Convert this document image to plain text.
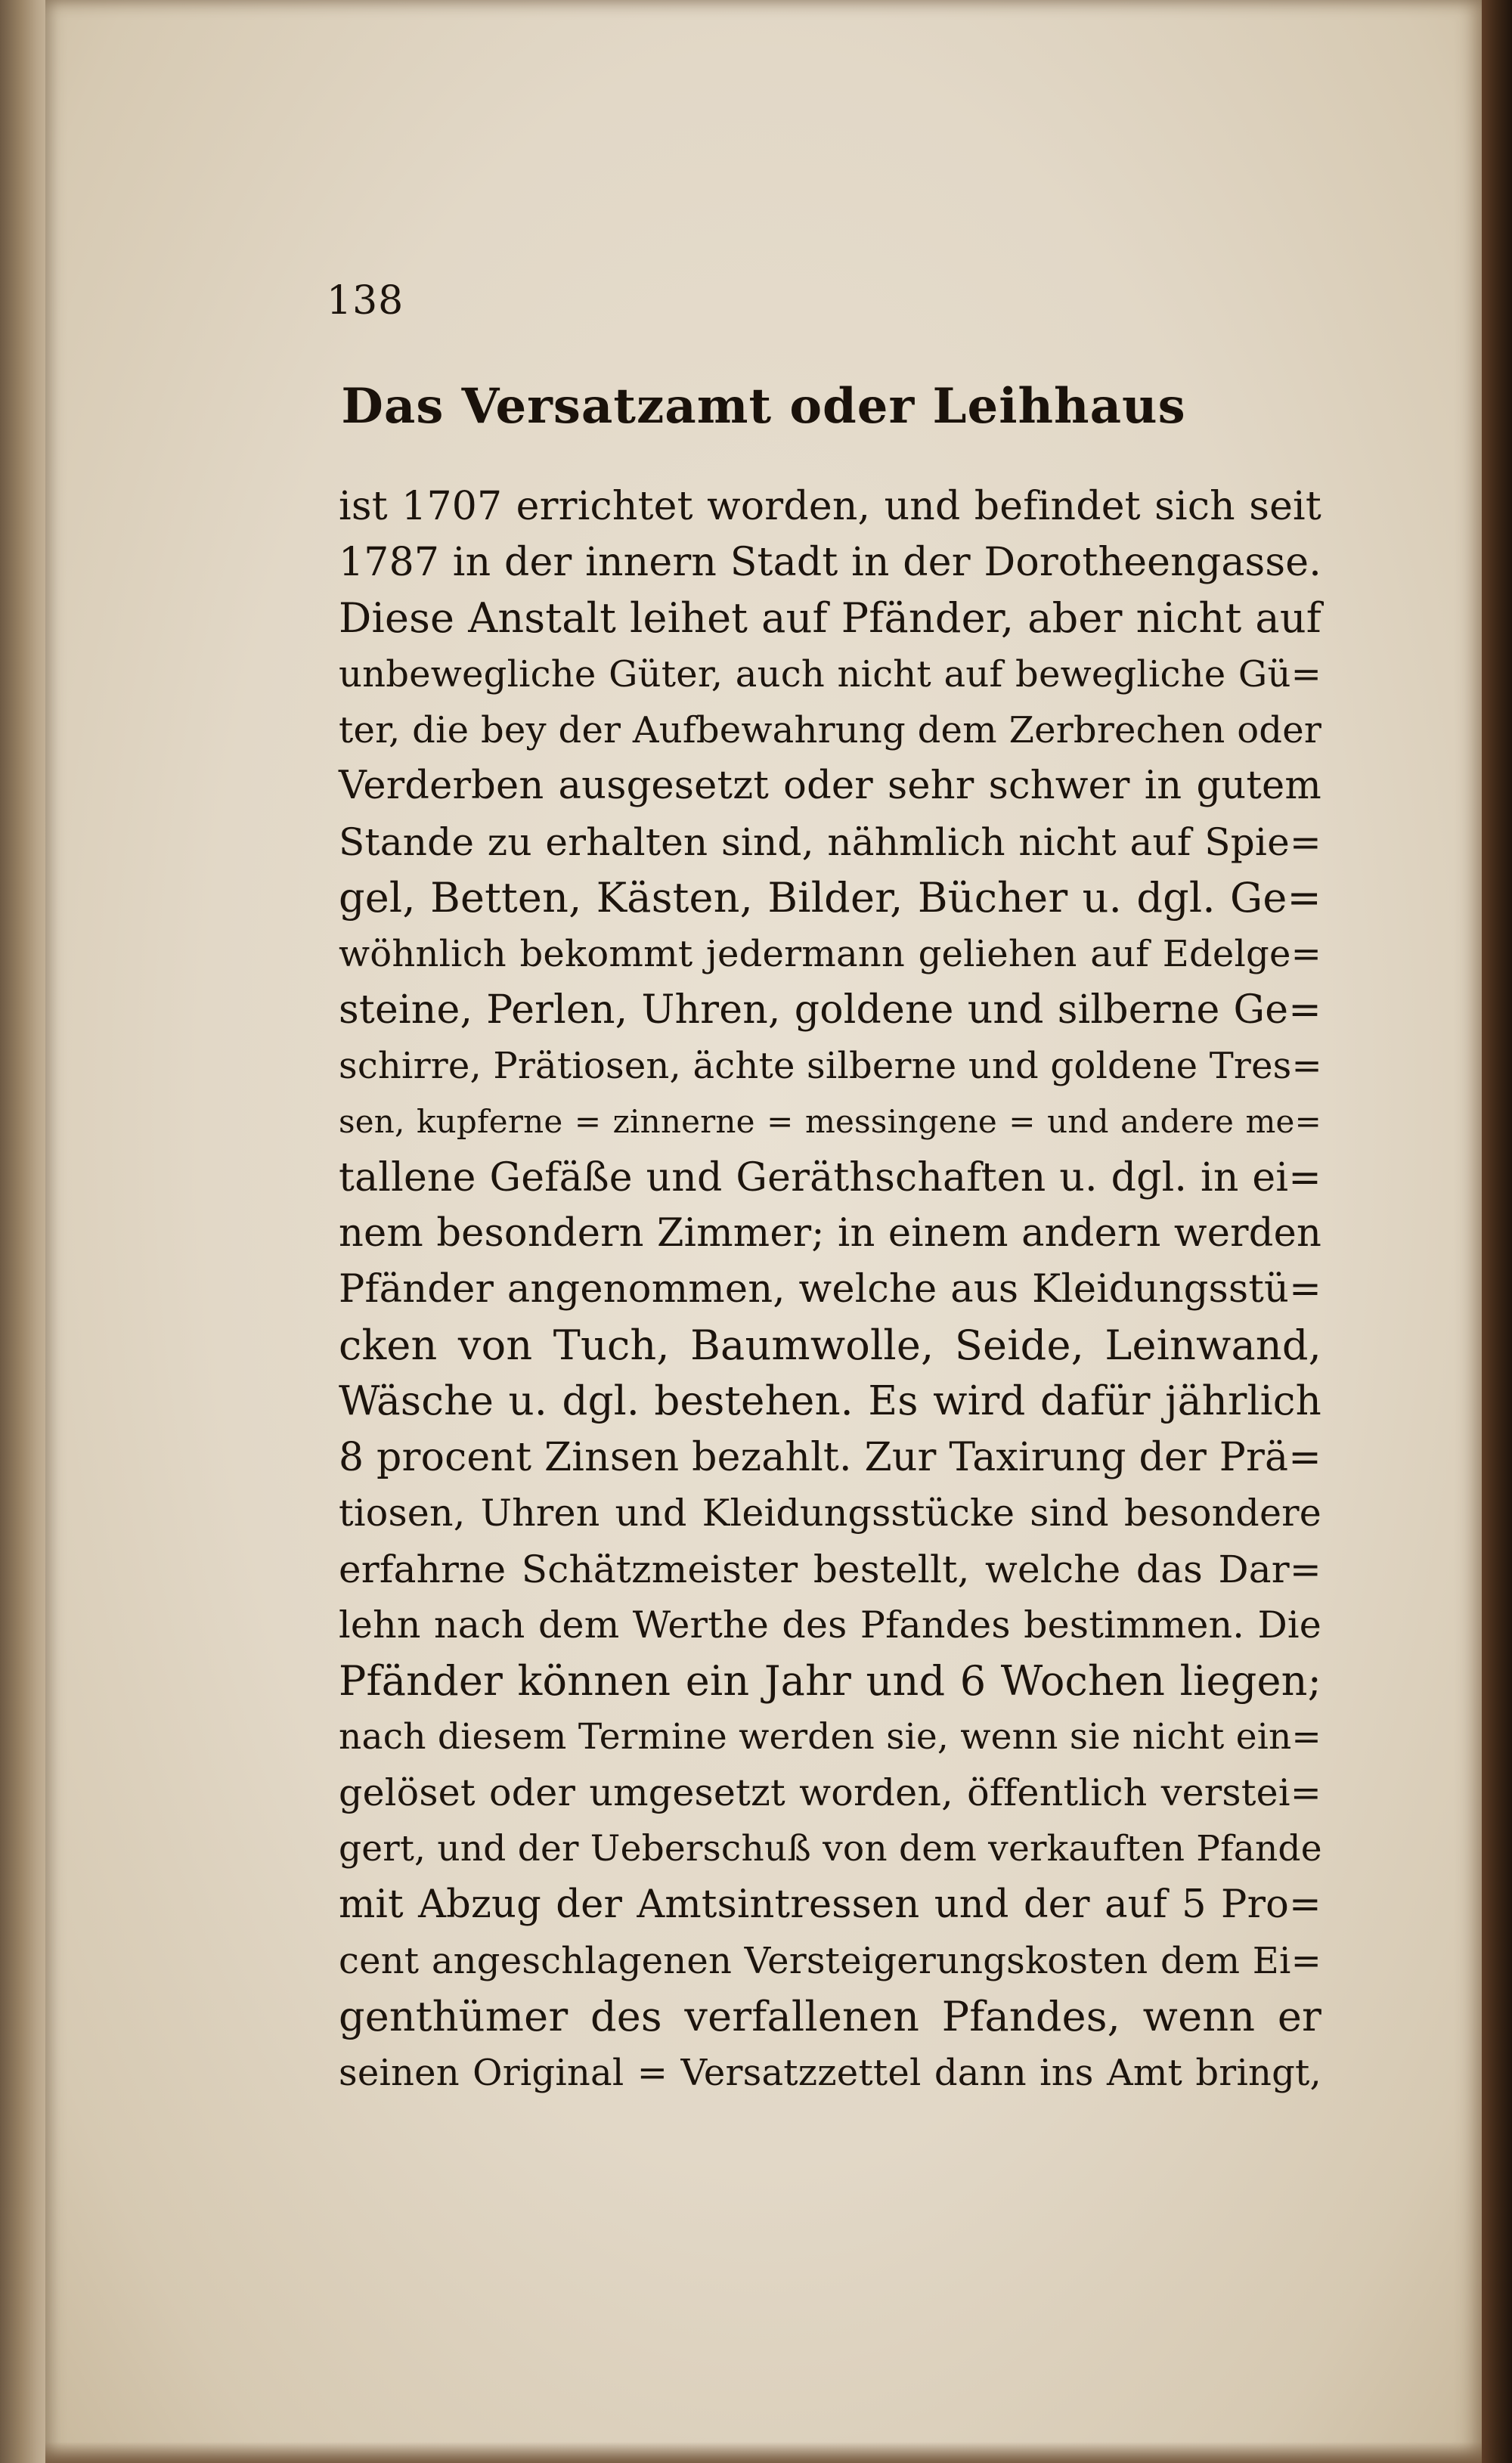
138
Das Versatzamt oder Leihhaus
ist 1707 errichtet worden, und befindet sich seit
1787 in der innern Stadt in der Dorotheengasse.
Diese Anstalt leihet auf Pfänder, aber nicht auf
unbewegliche Güter, auch nicht auf bewegliche Gü=
ter, die bey der Aufbewahrung dem Zerbrechen oder
Verderben ausgesetzt oder sehr schwer in gutem
Stande zu erhalten sind, nähmlich nicht auf Spie=
gel, Betten, Kästen, Bilder, Bücher u. dgl. Ge=
wöhnlich bekommt jedermann geliehen auf Edelge=
steine, Perlen, Uhren, goldene und silberne Ge=
schirre, Prätiosen, ächte silberne und goldene Tres=
sen, kupferne = zinnerne = messingene = und andere me=
tallene Gefäße und Geräthschaften u. dgl. in ei=
nem besondern Zimmer; in einem andern werden
Pfänder angenommen, welche aus Kleidungsstü=
cken von Tuch, Baumwolle, Seide, Leinwand,
Wäsche u. dgl. bestehen. Es wird dafür jährlich
8 procent Zinsen bezahlt. Zur Taxirung der Prä=
tiosen, Uhren und Kleidungsstücke sind besondere
erfahrne Schätzmeister bestellt, welche das Dar=
lehn nach dem Werthe des Pfandes bestimmen. Die
Pfänder können ein Jahr und 6 Wochen liegen;
nach diesem Termine werden sie, wenn sie nicht ein=
gelöset oder umgesetzt worden, öffentlich verstei=
gert, und der Ueberschuß von dem verkauften Pfande
mit Abzug der Amtsintressen und der auf 5 Pro=
cent angeschlagenen Versteigerungskosten dem Ei=
genthümer des verfallenen Pfandes, wenn er
seinen Original = Versatzzettel dann ins Amt bringt,
